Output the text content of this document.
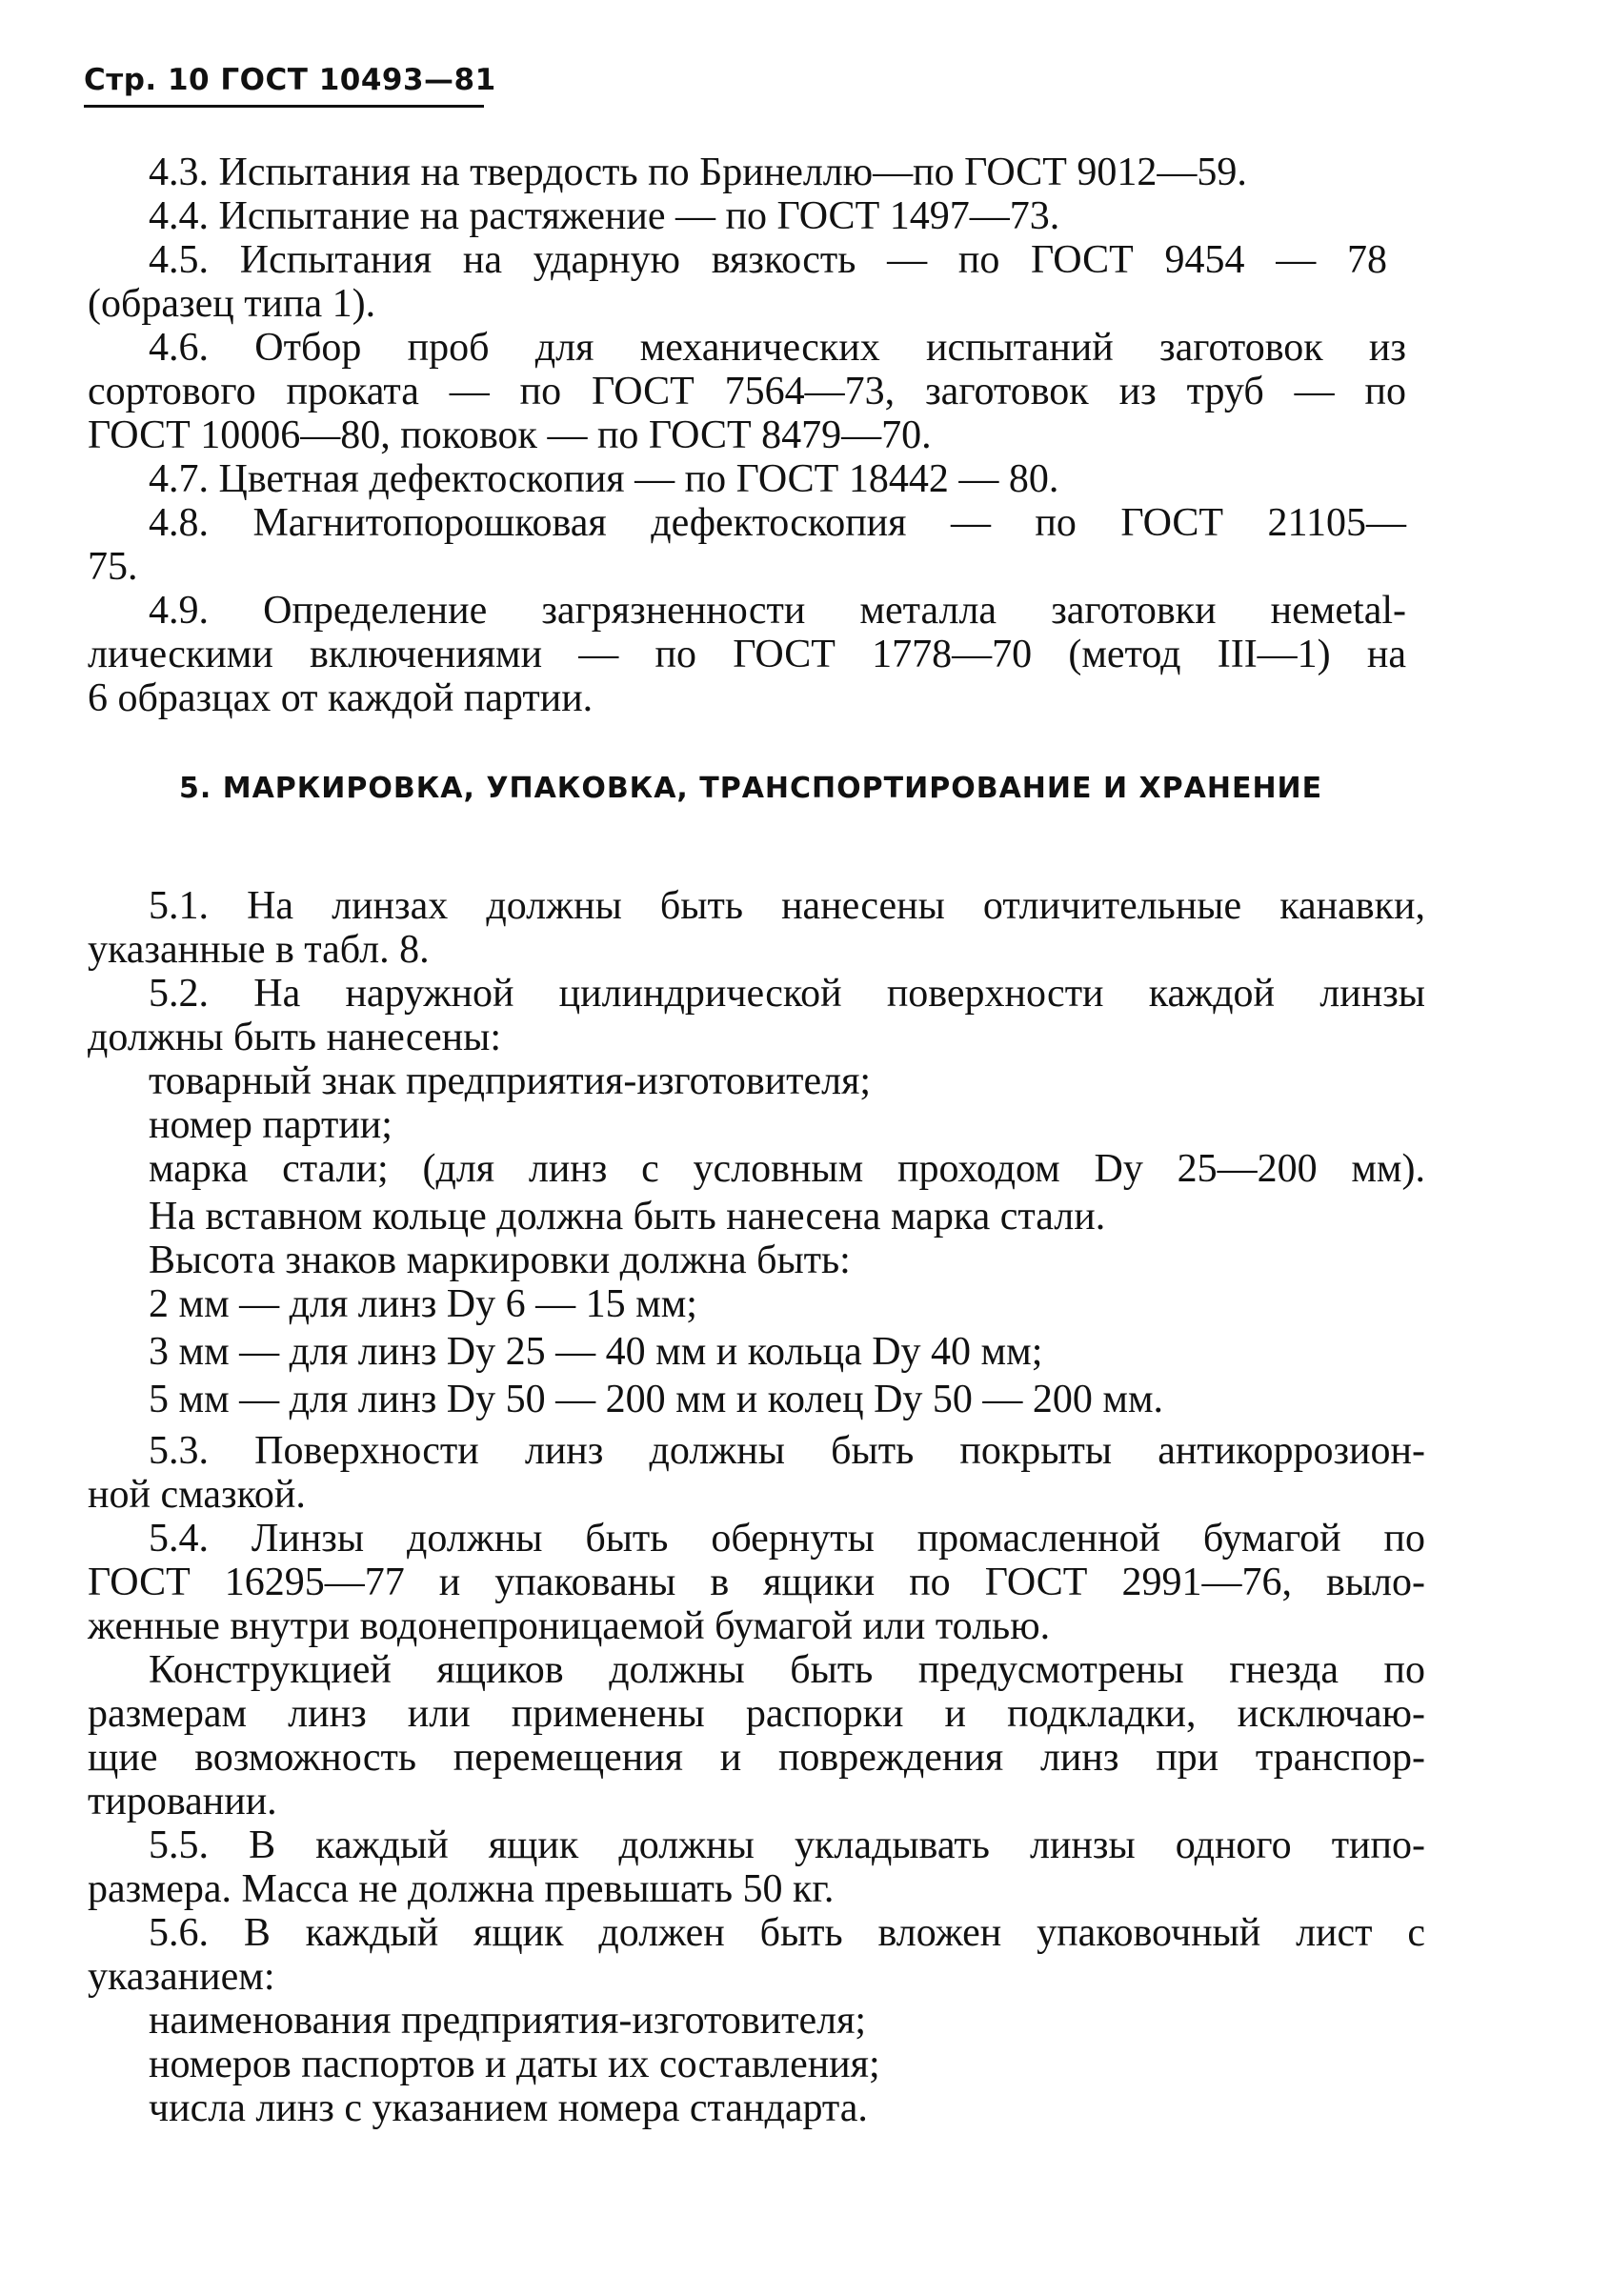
Стр. 10 ГОСТ 10493—81
4.3. Испытания на твердость по Бринеллю—по ГОСТ 9012—59.
4.4. Испытание на растяжение — по ГОСТ 1497—73.
4.5. Испытания на ударную вязкость — по ГОСТ 9454 — 78
(образец типа 1).
4.6. Отбор проб для механических испытаний заготовок из
сортового проката — по ГОСТ 7564—73, заготовок из труб — по
ГОСТ 10006—80, поковок — по ГОСТ 8479—70.
4.7. Цветная дефектоскопия — по ГОСТ 18442 — 80.
4.8. Магнитопорошковая дефектоскопия — по ГОСТ 21105—
75.
4.9. Определение загрязненности металла заготовки немetal-
лическими включениями — по ГОСТ 1778—70 (метод III—1) на
6 образцах от каждой партии.
5. МАРКИРОВКА, УПАКОВКА, ТРАНСПОРТИРОВАНИЕ И ХРАНЕНИЕ
5.1. На линзах должны быть нанесены отличительные канавки,
указанные в табл. 8.
5.2. На наружной цилиндрической поверхности каждой линзы
должны быть нанесены:
товарный знак предприятия-изготовителя;
номер партии;
марка стали; (для линз с условным проходом Dу 25—200 мм).
На вставном кольце должна быть нанесена марка стали.
Высота знаков маркировки должна быть:
2 мм — для линз Dу 6 — 15 мм;
3 мм — для линз Dу 25 — 40 мм и кольца Dу 40 мм;
5 мм — для линз Dу 50 — 200 мм и колец Dу 50 — 200 мм.
5.3. Поверхности линз должны быть покрыты антикоррозион-
ной смазкой.
5.4. Линзы должны быть обернуты промасленной бумагой по
ГОСТ 16295—77 и упакованы в ящики по ГОСТ 2991—76, выло-
женные внутри водонепроницаемой бумагой или толью.
Конструкцией ящиков должны быть предусмотрены гнезда по
размерам линз или применены распорки и подкладки, исключаю-
щие возможность перемещения и повреждения линз при транспор-
тировании.
5.5. В каждый ящик должны укладывать линзы одного типо-
размера. Масса не должна превышать 50 кг.
5.6. В каждый ящик должен быть вложен упаковочный лист с
указанием:
наименования предприятия-изготовителя;
номеров паспортов и даты их составления;
числа линз с указанием номера стандарта.
